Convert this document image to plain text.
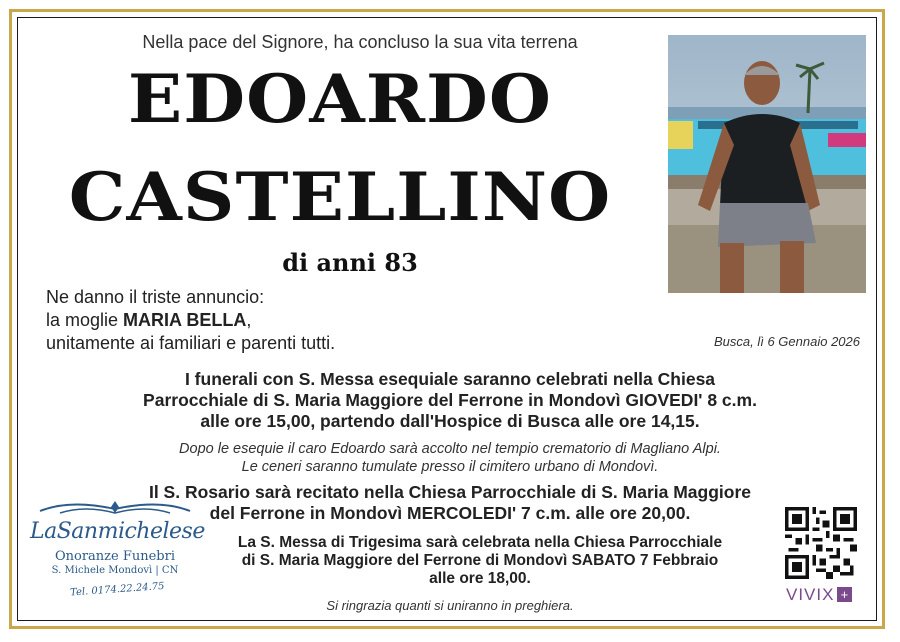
Nella pace del Signore, ha concluso la sua vita terrena
EDOARDO
CASTELLINO
di anni 83
Ne danno il triste annuncio:
la moglie MARIA BELLA,
unitamente ai familiari e parenti tutti.	Busca, lì 6 Gennaio 2026
I funerali con S. Messa esequiale saranno celebrati nella Chiesa
Parrocchiale di S. Maria Maggiore del Ferrone in Mondovì GIOVEDI' 8 c.m.
alle ore 15,00, partendo dall'Hospice di Busca alle ore 14,15.
Dopo le esequie il caro Edoardo sarà accolto nel tempio crematorio di Magliano Alpi.
Le ceneri saranno tumulate presso il cimitero urbano di Mondovì.
Il S. Rosario sarà recitato nella Chiesa Parrocchiale di S. Maria Maggiore
del Ferrone in Mondovì MERCOLEDI' 7 c.m. alle ore 20,00.
La S. Messa di Trigesima sarà celebrata nella Chiesa Parrocchiale
di S. Maria Maggiore del Ferrone di Mondovì SABATO 7 Febbraio
alle ore 18,00.
Si ringrazia quanti si uniranno in preghiera.
LaSanmichelese
Onoranze Funebri
S. Michele Mondovì | CN
Tel. 0174.22.24.75	VIVIX +
